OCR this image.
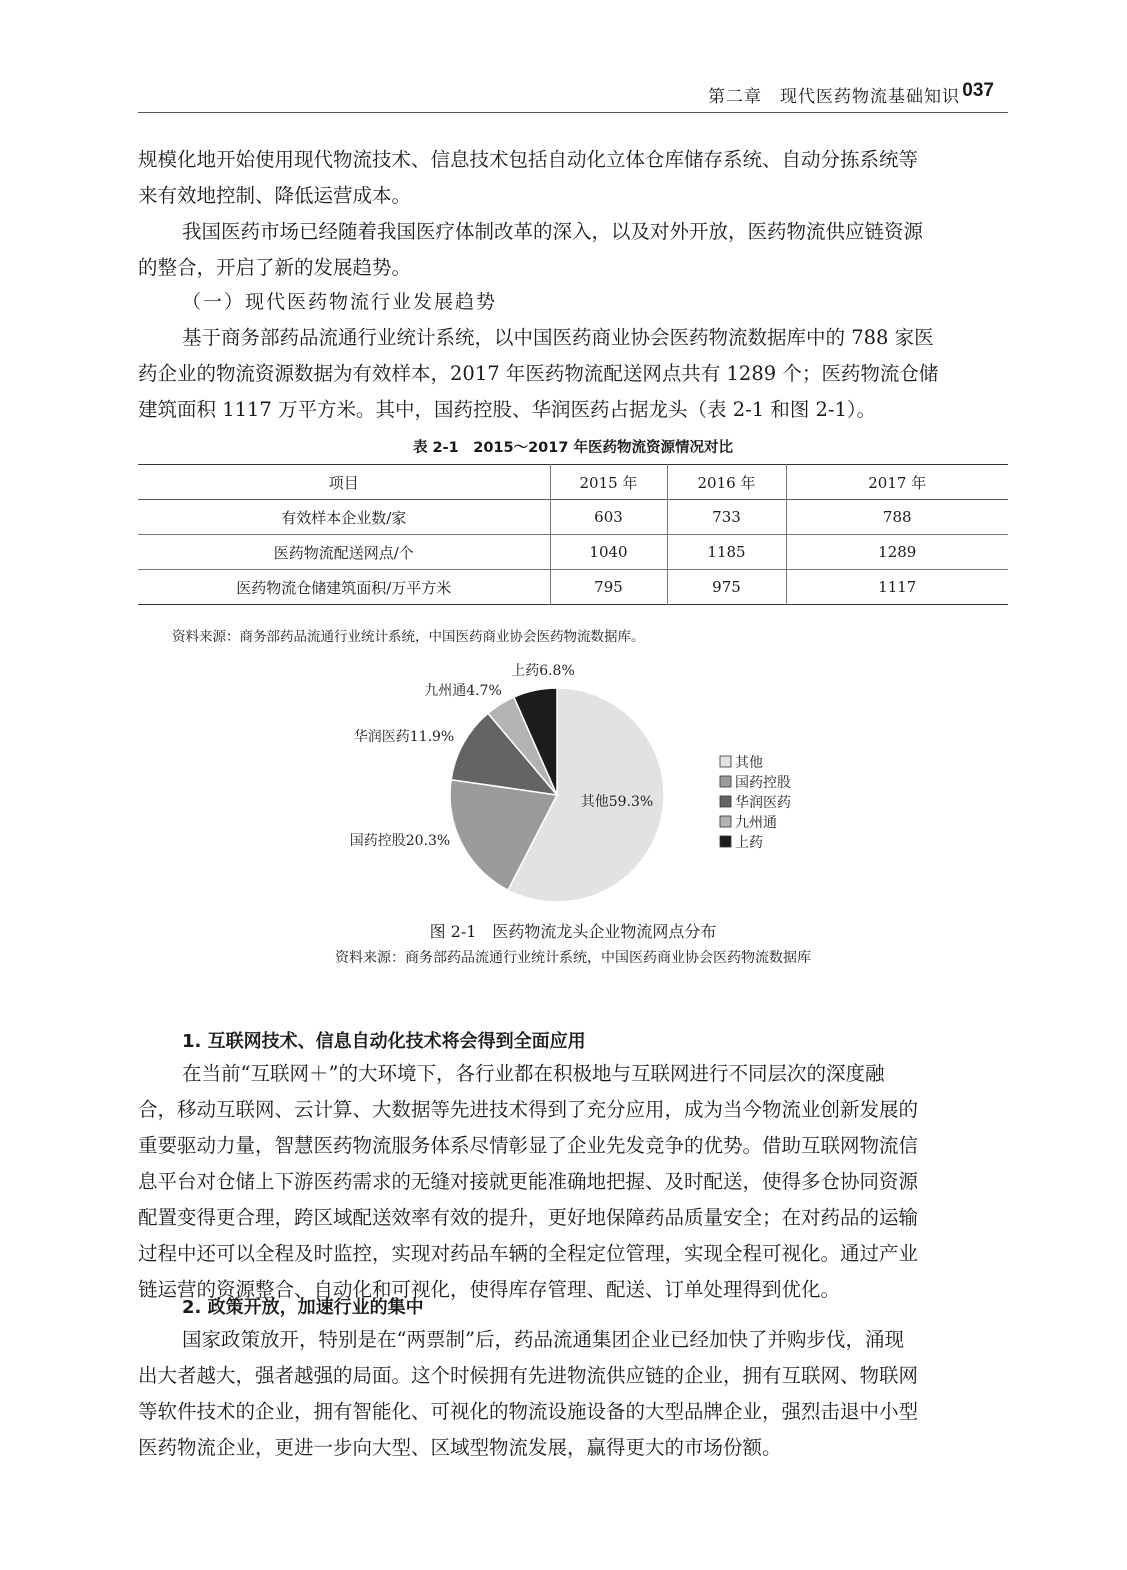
第二章　现代医药物流基础知识 037
规模化地开始使用现代物流技术、信息技术包括自动化立体仓库储存系统、自动分拣系统等
来有效地控制、降低运营成本。
我国医药市场已经随着我国医疗体制改革的深入，以及对外开放，医药物流供应链资源
的整合，开启了新的发展趋势。
（一）现代医药物流行业发展趋势
基于商务部药品流通行业统计系统，以中国医药商业协会医药物流数据库中的 788 家医
药企业的物流资源数据为有效样本，2017 年医药物流配送网点共有 1289 个；医药物流仓储
建筑面积 1117 万平方米。其中，国药控股、华润医药占据龙头（表 2-1 和图 2-1）。
表 2-1　2015～2017 年医药物流资源情况对比
项目	2015 年	2016 年	2017 年
有效样本企业数/家	603	733	788
医药物流配送网点/个	1040	1185	1289
医药物流仓储建筑面积/万平方米	795	975	1117
资料来源：商务部药品流通行业统计系统，中国医药商业协会医药物流数据库。
其他59.3%
国药控股20.3%
华润医药11.9%
九州通4.7%
上药6.8%
其他
国药控股
华润医药
九州通
上药
图 2-1　医药物流龙头企业物流网点分布
资料来源：商务部药品流通行业统计系统，中国医药商业协会医药物流数据库
1. 互联网技术、信息自动化技术将会得到全面应用
在当前“互联网＋”的大环境下，各行业都在积极地与互联网进行不同层次的深度融
合，移动互联网、云计算、大数据等先进技术得到了充分应用，成为当今物流业创新发展的
重要驱动力量，智慧医药物流服务体系尽情彰显了企业先发竞争的优势。借助互联网物流信
息平台对仓储上下游医药需求的无缝对接就更能准确地把握、及时配送，使得多仓协同资源
配置变得更合理，跨区域配送效率有效的提升，更好地保障药品质量安全；在对药品的运输
过程中还可以全程及时监控，实现对药品车辆的全程定位管理，实现全程可视化。通过产业
链运营的资源整合、自动化和可视化，使得库存管理、配送、订单处理得到优化。
2. 政策开放，加速行业的集中
国家政策放开，特别是在“两票制”后，药品流通集团企业已经加快了并购步伐，涌现
出大者越大，强者越强的局面。这个时候拥有先进物流供应链的企业，拥有互联网、物联网
等软件技术的企业，拥有智能化、可视化的物流设施设备的大型品牌企业，强烈击退中小型
医药物流企业，更进一步向大型、区域型物流发展，赢得更大的市场份额。
